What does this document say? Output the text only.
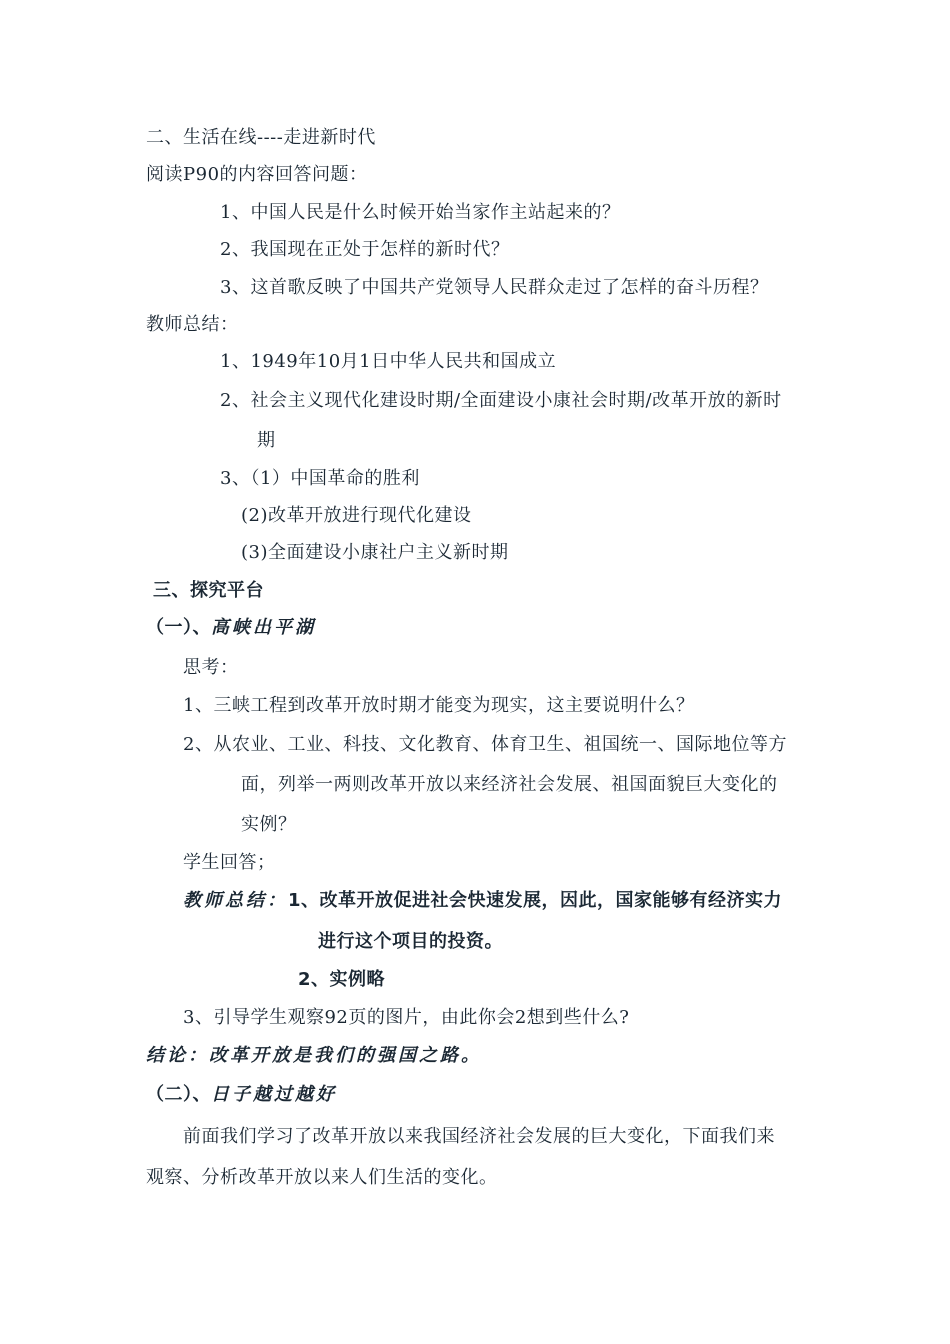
二、生活在线----走进新时代
阅读P90的内容回答问题：
1、中国人民是什么时候开始当家作主站起来的？
2、我国现在正处于怎样的新时代？
3、这首歌反映了中国共产党领导人民群众走过了怎样的奋斗历程？
教师总结：
1、1949年10月1日中华人民共和国成立
2、社会主义现代化建设时期/全面建设小康社会时期/改革开放的新时
期
3、（1）中国革命的胜利
(2)改革开放进行现代化建设
(3)全面建设小康社户主义新时期
三、探究平台
（一）、高峡出平湖
思考：
1、三峡工程到改革开放时期才能变为现实，这主要说明什么？
2、从农业、工业、科技、文化教育、体育卫生、祖国统一、国际地位等方
面，列举一两则改革开放以来经济社会发展、祖国面貌巨大变化的
实例？
学生回答；
教师总结：1、改革开放促进社会快速发展，因此，国家能够有经济实力
进行这个项目的投资。
2、实例略
3、引导学生观察92页的图片，由此你会2想到些什么?
结论：改革开放是我们的强国之路。
（二）、日子越过越好
前面我们学习了改革开放以来我国经济社会发展的巨大变化，下面我们来
观察、分析改革开放以来人们生活的变化。
